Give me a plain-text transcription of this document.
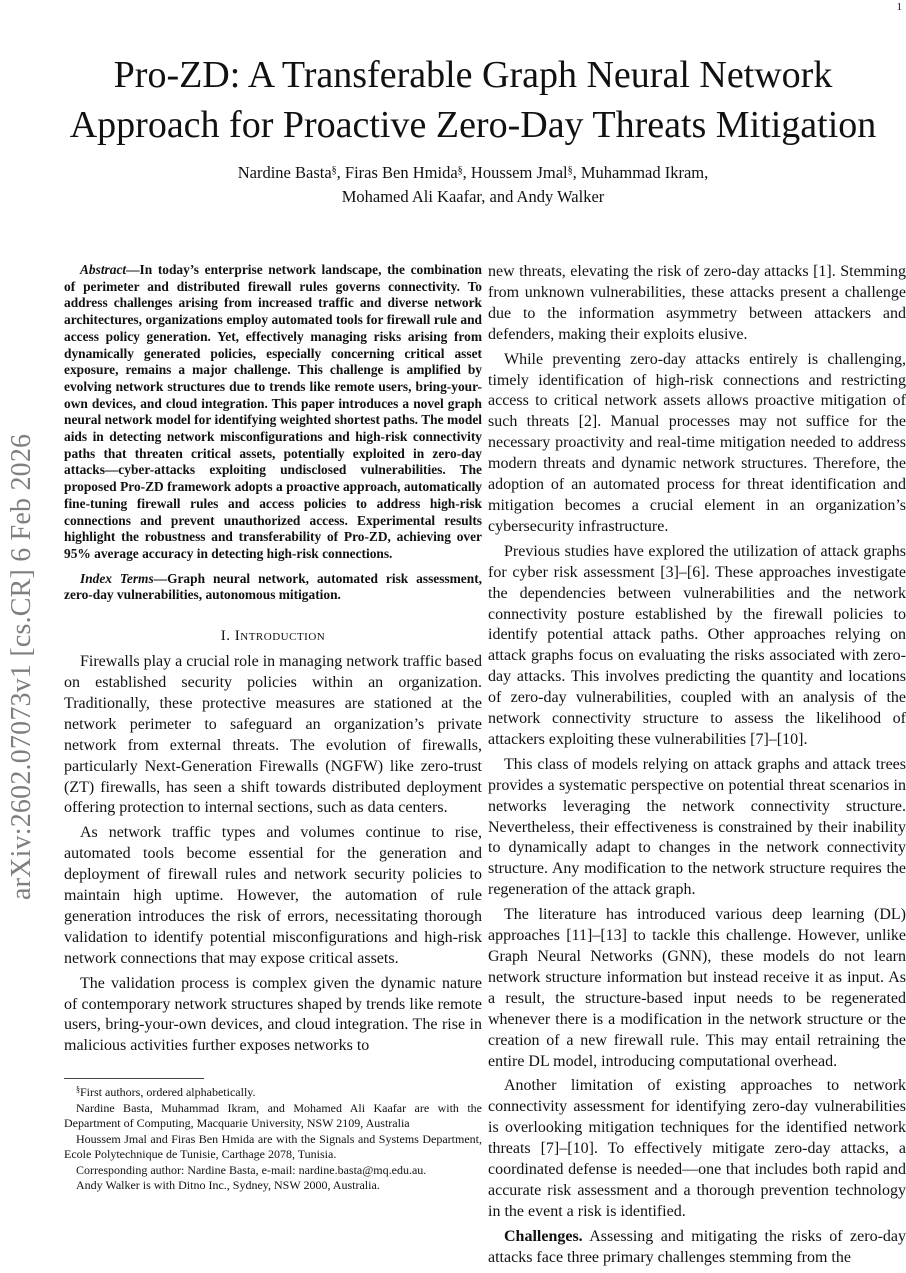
1
arXiv:2602.07073v1 [cs.CR] 6 Feb 2026
Pro-ZD: A Transferable Graph Neural Network
Approach for Proactive Zero-Day Threats Mitigation
Nardine Basta§, Firas Ben Hmida§, Houssem Jmal§, Muhammad Ikram,
Mohamed Ali Kaafar, and Andy Walker

Abstract—In today’s enterprise network landscape, the combination of perimeter and distributed firewall rules governs connectivity. To address challenges arising from increased traffic and diverse network architectures, organizations employ automated tools for firewall rule and access policy generation. Yet, effectively managing risks arising from dynamically generated policies, especially concerning critical asset exposure, remains a major challenge. This challenge is amplified by evolving network structures due to trends like remote users, bring-your-own devices, and cloud integration. This paper introduces a novel graph neural network model for identifying weighted shortest paths. The model aids in detecting network misconfigurations and high-risk connectivity paths that threaten critical assets, potentially exploited in zero-day attacks—cyber-attacks exploiting undisclosed vulnerabilities. The proposed Pro-ZD framework adopts a proactive approach, automatically fine-tuning firewall rules and access policies to address high-risk connections and prevent unauthorized access. Experimental results highlight the robustness and transferability of Pro-ZD, achieving over 95% average accuracy in detecting high-risk connections.

Index Terms—Graph neural network, automated risk assessment, zero-day vulnerabilities, autonomous mitigation.

I. Introduction

Firewalls play a crucial role in managing network traffic based on established security policies within an organization. Traditionally, these protective measures are stationed at the network perimeter to safeguard an organization’s private network from external threats. The evolution of firewalls, particularly Next-Generation Firewalls (NGFW) like zero-trust (ZT) firewalls, has seen a shift towards distributed deployment offering protection to internal sections, such as data centers.

As network traffic types and volumes continue to rise, automated tools become essential for the generation and deployment of firewall rules and network security policies to maintain high uptime. However, the automation of rule generation introduces the risk of errors, necessitating thorough validation to identify potential misconfigurations and high-risk network connections that may expose critical assets.

The validation process is complex given the dynamic nature of contemporary network structures shaped by trends like remote users, bring-your-own devices, and cloud integration. The rise in malicious activities further exposes networks to

§First authors, ordered alphabetically.

Nardine Basta, Muhammad Ikram, and Mohamed Ali Kaafar are with the Department of Computing, Macquarie University, NSW 2109, Australia

Houssem Jmal and Firas Ben Hmida are with the Signals and Systems Department, Ecole Polytechnique de Tunisie, Carthage 2078, Tunisia.

Corresponding author: Nardine Basta, e-mail: nardine.basta@mq.edu.au.

Andy Walker is with Ditno Inc., Sydney, NSW 2000, Australia.

new threats, elevating the risk of zero-day attacks [1]. Stemming from unknown vulnerabilities, these attacks present a challenge due to the information asymmetry between attackers and defenders, making their exploits elusive.

While preventing zero-day attacks entirely is challenging, timely identification of high-risk connections and restricting access to critical network assets allows proactive mitigation of such threats [2]. Manual processes may not suffice for the necessary proactivity and real-time mitigation needed to address modern threats and dynamic network structures. Therefore, the adoption of an automated process for threat identification and mitigation becomes a crucial element in an organization’s cybersecurity infrastructure.

Previous studies have explored the utilization of attack graphs for cyber risk assessment [3]–[6]. These approaches investigate the dependencies between vulnerabilities and the network connectivity posture established by the firewall policies to identify potential attack paths. Other approaches relying on attack graphs focus on evaluating the risks associated with zero-day attacks. This involves predicting the quantity and locations of zero-day vulnerabilities, coupled with an analysis of the network connectivity structure to assess the likelihood of attackers exploiting these vulnerabilities [7]–[10].

This class of models relying on attack graphs and attack trees provides a systematic perspective on potential threat scenarios in networks leveraging the network connectivity structure. Nevertheless, their effectiveness is constrained by their inability to dynamically adapt to changes in the network connectivity structure. Any modification to the network structure requires the regeneration of the attack graph.

The literature has introduced various deep learning (DL) approaches [11]–[13] to tackle this challenge. However, unlike Graph Neural Networks (GNN), these models do not learn network structure information but instead receive it as input. As a result, the structure-based input needs to be regenerated whenever there is a modification in the network structure or the creation of a new firewall rule. This may entail retraining the entire DL model, introducing computational overhead.

Another limitation of existing approaches to network connectivity assessment for identifying zero-day vulnerabilities is overlooking mitigation techniques for the identified network threats [7]–[10]. To effectively mitigate zero-day attacks, a coordinated defense is needed—one that includes both rapid and accurate risk assessment and a thorough prevention technology in the event a risk is identified.

Challenges. Assessing and mitigating the risks of zero-day attacks face three primary challenges stemming from the
